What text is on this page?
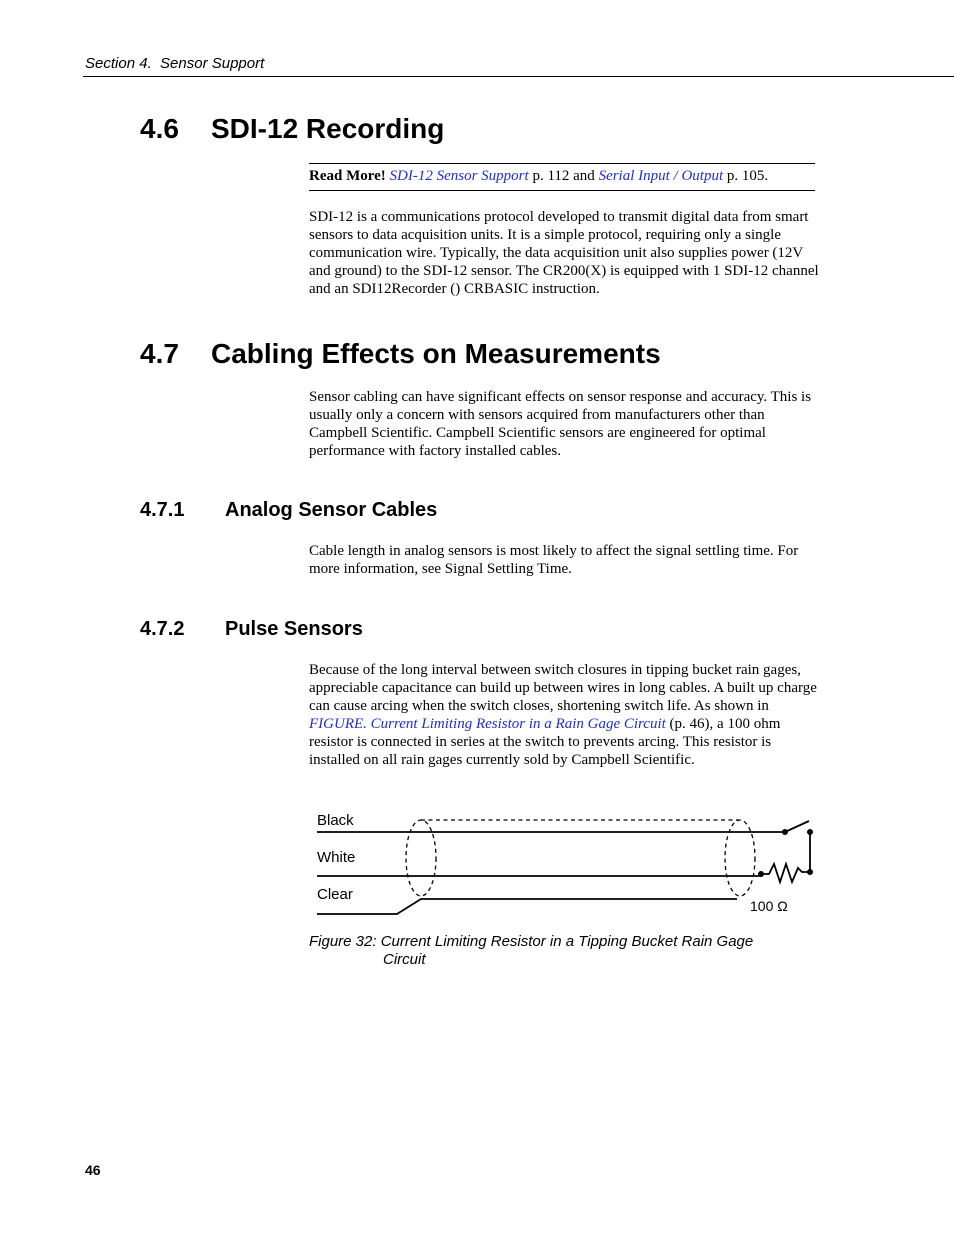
Section 4.  Sensor Support
4.6 SDI-12 Recording
Read More! SDI-12 Sensor Support p. 112 and Serial Input / Output p. 105.

SDI-12 is a communications protocol developed to transmit digital data from smart sensors to data acquisition units. It is a simple protocol, requiring only a single communication wire. Typically, the data acquisition unit also supplies power (12V and ground) to the SDI-12 sensor. The CR200(X) is equipped with 1 SDI-12 channel and an SDI12Recorder () CRBASIC instruction.

4.7 Cabling Effects on Measurements

Sensor cabling can have significant effects on sensor response and accuracy. This is usually only a concern with sensors acquired from manufacturers other than Campbell Scientific. Campbell Scientific sensors are engineered for optimal performance with factory installed cables.

4.7.1 Analog Sensor Cables

Cable length in analog sensors is most likely to affect the signal settling time. For more information, see Signal Settling Time.

4.7.2 Pulse Sensors

Because of the long interval between switch closures in tipping bucket rain gages, appreciable capacitance can build up between wires in long cables. A built up charge can cause arcing when the switch closes, shortening switch life. As shown in FIGURE. Current Limiting Resistor in a Rain Gage Circuit (p. 46), a 100 ohm resistor is connected in series at the switch to prevents arcing. This resistor is installed on all rain gages currently sold by Campbell Scientific.

Black
White
Clear
100 Ω

Figure 32: Current Limiting Resistor in a Tipping Bucket Rain Gage
Circuit

46
